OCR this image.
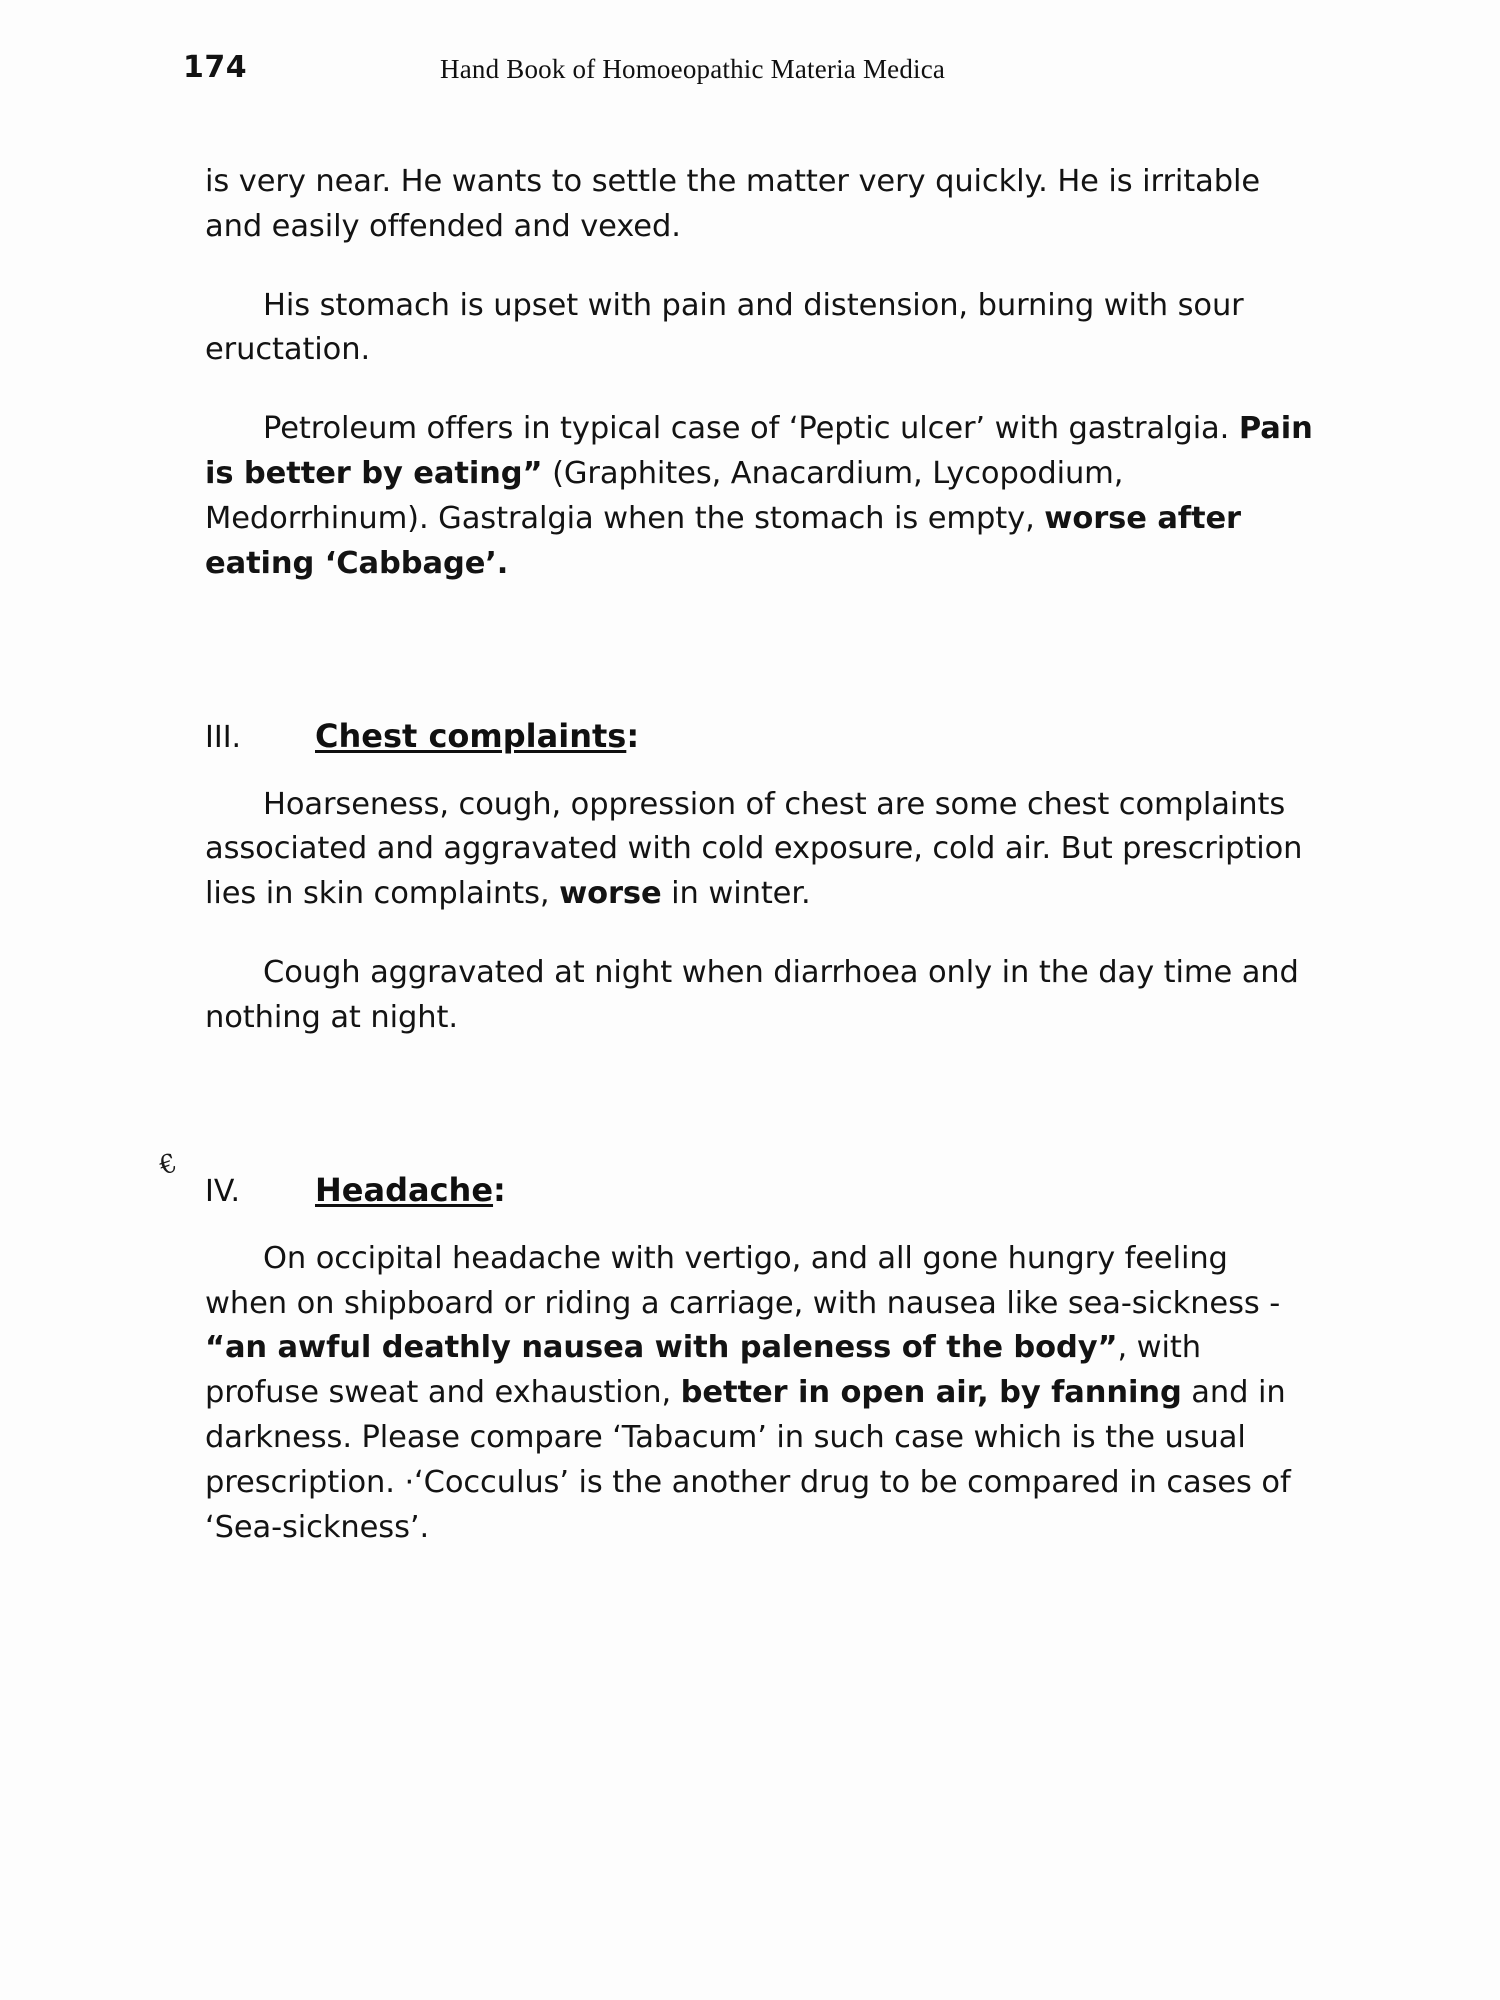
174	Hand Book of Homoeopathic Materia Medica
€

is very near. He wants to settle the matter very quickly. He is irritable and easily offended and vexed.

His stomach is upset with pain and distension, burning with sour eructation.

Petroleum offers in typical case of ‘Peptic ulcer’ with gastralgia. Pain is better by eating” (Graphites, Anacardium, Lycopodium, Medorrhinum). Gastralgia when the stomach is empty, worse after eating ‘Cabbage’.

III.	Chest complaints:

Hoarseness, cough, oppression of chest are some chest complaints associated and aggravated with cold exposure, cold air. But prescription lies in skin complaints, worse in winter.

Cough aggravated at night when diarrhoea only in the day time and nothing at night.

IV.	Headache:

On occipital headache with vertigo, and all gone hungry feeling when on shipboard or riding a carriage, with nausea like sea-sickness - “an awful deathly nausea with paleness of the body”, with profuse sweat and exhaustion, better in open air, by fanning and in darkness. Please compare ‘Tabacum’ in such case which is the usual prescription. ·‘Cocculus’ is the another drug to be compared in cases of ‘Sea-sickness’.
